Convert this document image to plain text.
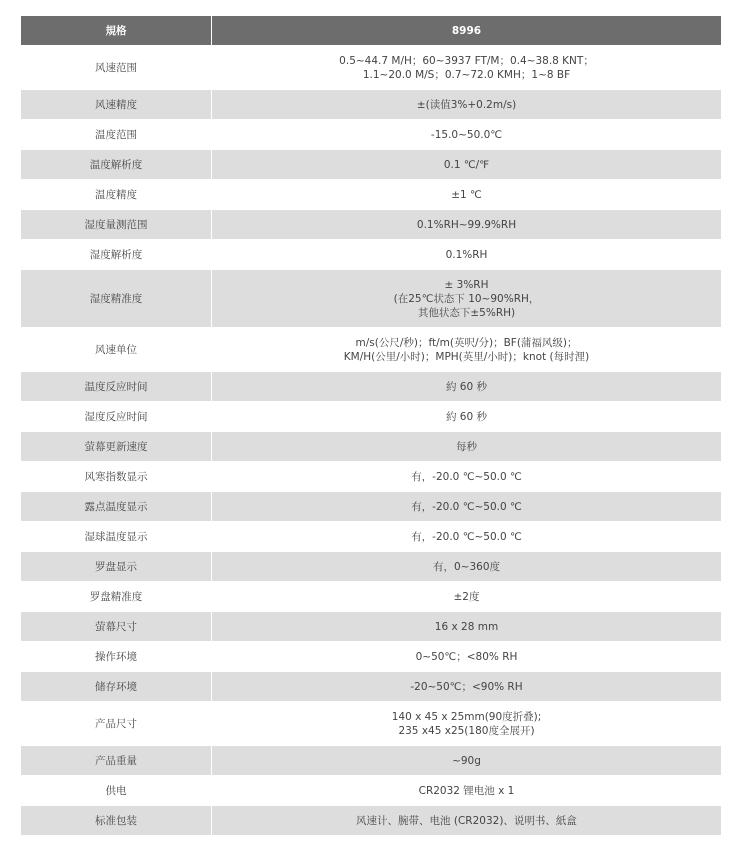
規格	8996
风速范围	0.5~44.7 M/H；60~3937 FT/M；0.4~38.8 KNT；
1.1~20.0 M/S；0.7~72.0 KMH；1~8 BF
风速精度	±(读值3%+0.2m/s)
温度范围	-15.0~50.0℃
温度解析度	0.1 ℃/℉
温度精度	±1 ℃
湿度量测范围	0.1%RH~99.9%RH
湿度解析度	0.1%RH
湿度精准度	± 3%RH
(在25℃状态下 10~90%RH，
其他状态下±5%RH)
风速单位	m/s(公尺/秒)；ft/m(英呎/分)；BF(蒲福风级)；
KM/H(公里/小时)；MPH(英里/小时)；knot (每时浬)
温度反应时间	約 60 秒
湿度反应时间	約 60 秒
萤幕更新速度	每秒
风寒指数显示	有，-20.0 ℃~50.0 ℃
露点温度显示	有，-20.0 ℃~50.0 ℃
湿球温度显示	有，-20.0 ℃~50.0 ℃
罗盘显示	有，0~360度
罗盘精准度	±2度
萤幕尺寸	16 x 28 mm
操作环境	0~50℃；<80% RH
储存环境	-20~50℃；<90% RH
产品尺寸	140 x 45 x 25mm(90度折叠);
235 x45 x25(180度全展开)
产品重量	~90g
供电	CR2032 锂电池 x 1
标准包装	风速计、腕带、电池 (CR2032)、说明书、紙盒
